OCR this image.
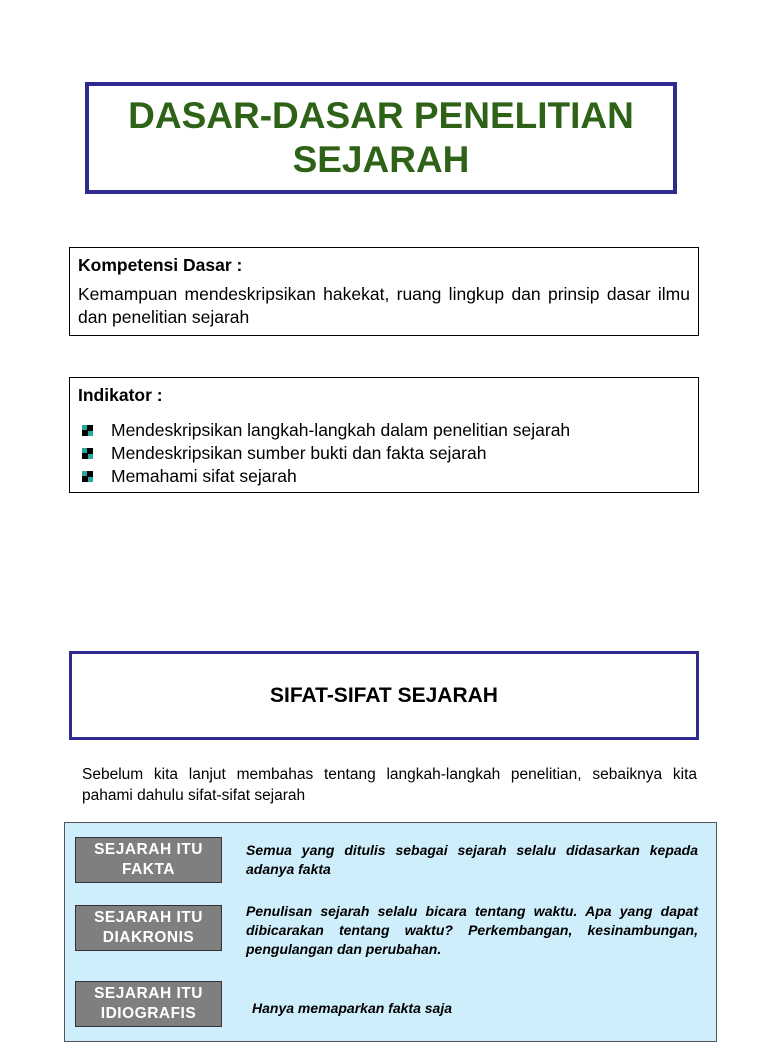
DASAR-DASAR PENELITIAN SEJARAH

Kompetensi Dasar :

Kemampuan mendeskripsikan hakekat, ruang lingkup dan prinsip dasar ilmu dan penelitian sejarah

Indikator :

Mendeskripsikan langkah-langkah dalam penelitian sejarah
Mendeskripsikan sumber bukti dan fakta sejarah
Memahami sifat sejarah
SIFAT-SIFAT SEJARAH

Sebelum kita lanjut membahas tentang langkah-langkah penelitian, sebaiknya kita pahami dahulu sifat-sifat sejarah

SEJARAH ITU FAKTA

Semua yang ditulis sebagai sejarah selalu didasarkan kepada adanya fakta

SEJARAH ITU DIAKRONIS

Penulisan sejarah selalu bicara tentang waktu. Apa yang dapat dibicarakan tentang waktu? Perkembangan, kesinambungan, pengulangan dan perubahan.

SEJARAH ITU IDIOGRAFIS	Hanya memaparkan fakta saja
